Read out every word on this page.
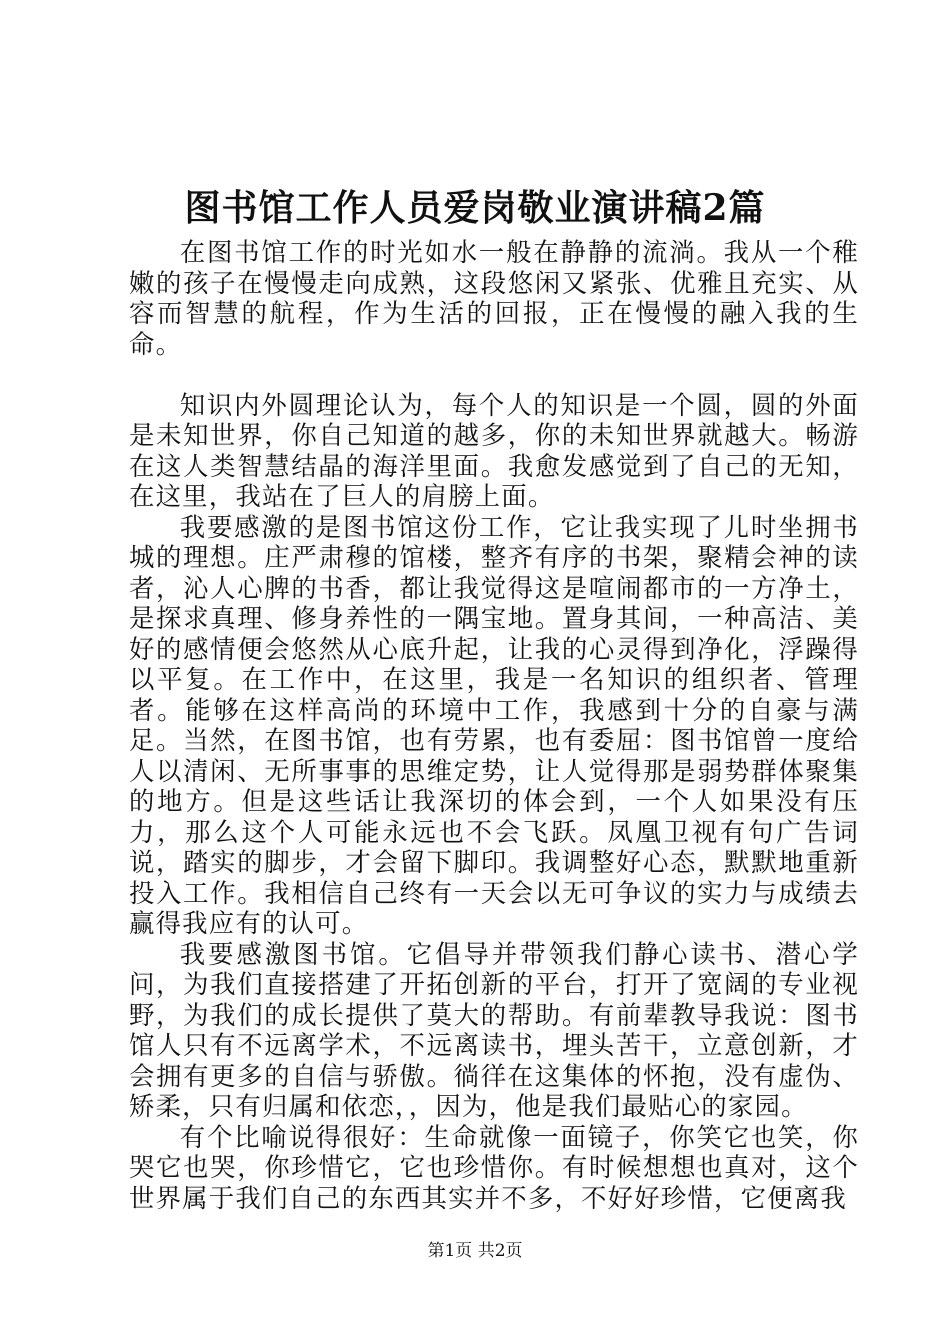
图书馆工作人员爱岗敬业演讲稿2篇

在图书馆工作的时光如水一般在静静的流淌。我从一个稚嫩的孩子在慢慢走向成熟，这段悠闲又紧张、优雅且充实、从容而智慧的航程，作为生活的回报，正在慢慢的融入我的生命。

知识内外圆理论认为，每个人的知识是一个圆，圆的外面是未知世界，你自己知道的越多，你的未知世界就越大。畅游在这人类智慧结晶的海洋里面。我愈发感觉到了自己的无知，在这里，我站在了巨人的肩膀上面。

我要感激的是图书馆这份工作，它让我实现了儿时坐拥书城的理想。庄严肃穆的馆楼，整齐有序的书架，聚精会神的读者，沁人心脾的书香，都让我觉得这是喧闹都市的一方净土，是探求真理、修身养性的一隅宝地。置身其间，一种高洁、美好的感情便会悠然从心底升起，让我的心灵得到净化，浮躁得以平复。在工作中，在这里，我是一名知识的组织者、管理者。能够在这样高尚的环境中工作，我感到十分的自豪与满足。当然，在图书馆，也有劳累，也有委屈：图书馆曾一度给人以清闲、无所事事的思维定势，让人觉得那是弱势群体聚集的地方。但是这些话让我深切的体会到，一个人如果没有压力，那么这个人可能永远也不会飞跃。凤凰卫视有句广告词说，踏实的脚步，才会留下脚印。我调整好心态，默默地重新投入工作。我相信自己终有一天会以无可争议的实力与成绩去赢得我应有的认可。

我要感激图书馆。它倡导并带领我们静心读书、潜心学问，为我们直接搭建了开拓创新的平台，打开了宽阔的专业视野，为我们的成长提供了莫大的帮助。有前辈教导我说：图书馆人只有不远离学术，不远离读书，埋头苦干，立意创新，才会拥有更多的自信与骄傲。徜徉在这集体的怀抱，没有虚伪、矫柔，只有归属和依恋，，因为，他是我们最贴心的家园。

有个比喻说得很好：生命就像一面镜子，你笑它也笑，你哭它也哭，你珍惜它，它也珍惜你。有时候想想也真对，这个世界属于我们自己的东西其实并不多，不好好珍惜，它便离我

第1页 共2页
